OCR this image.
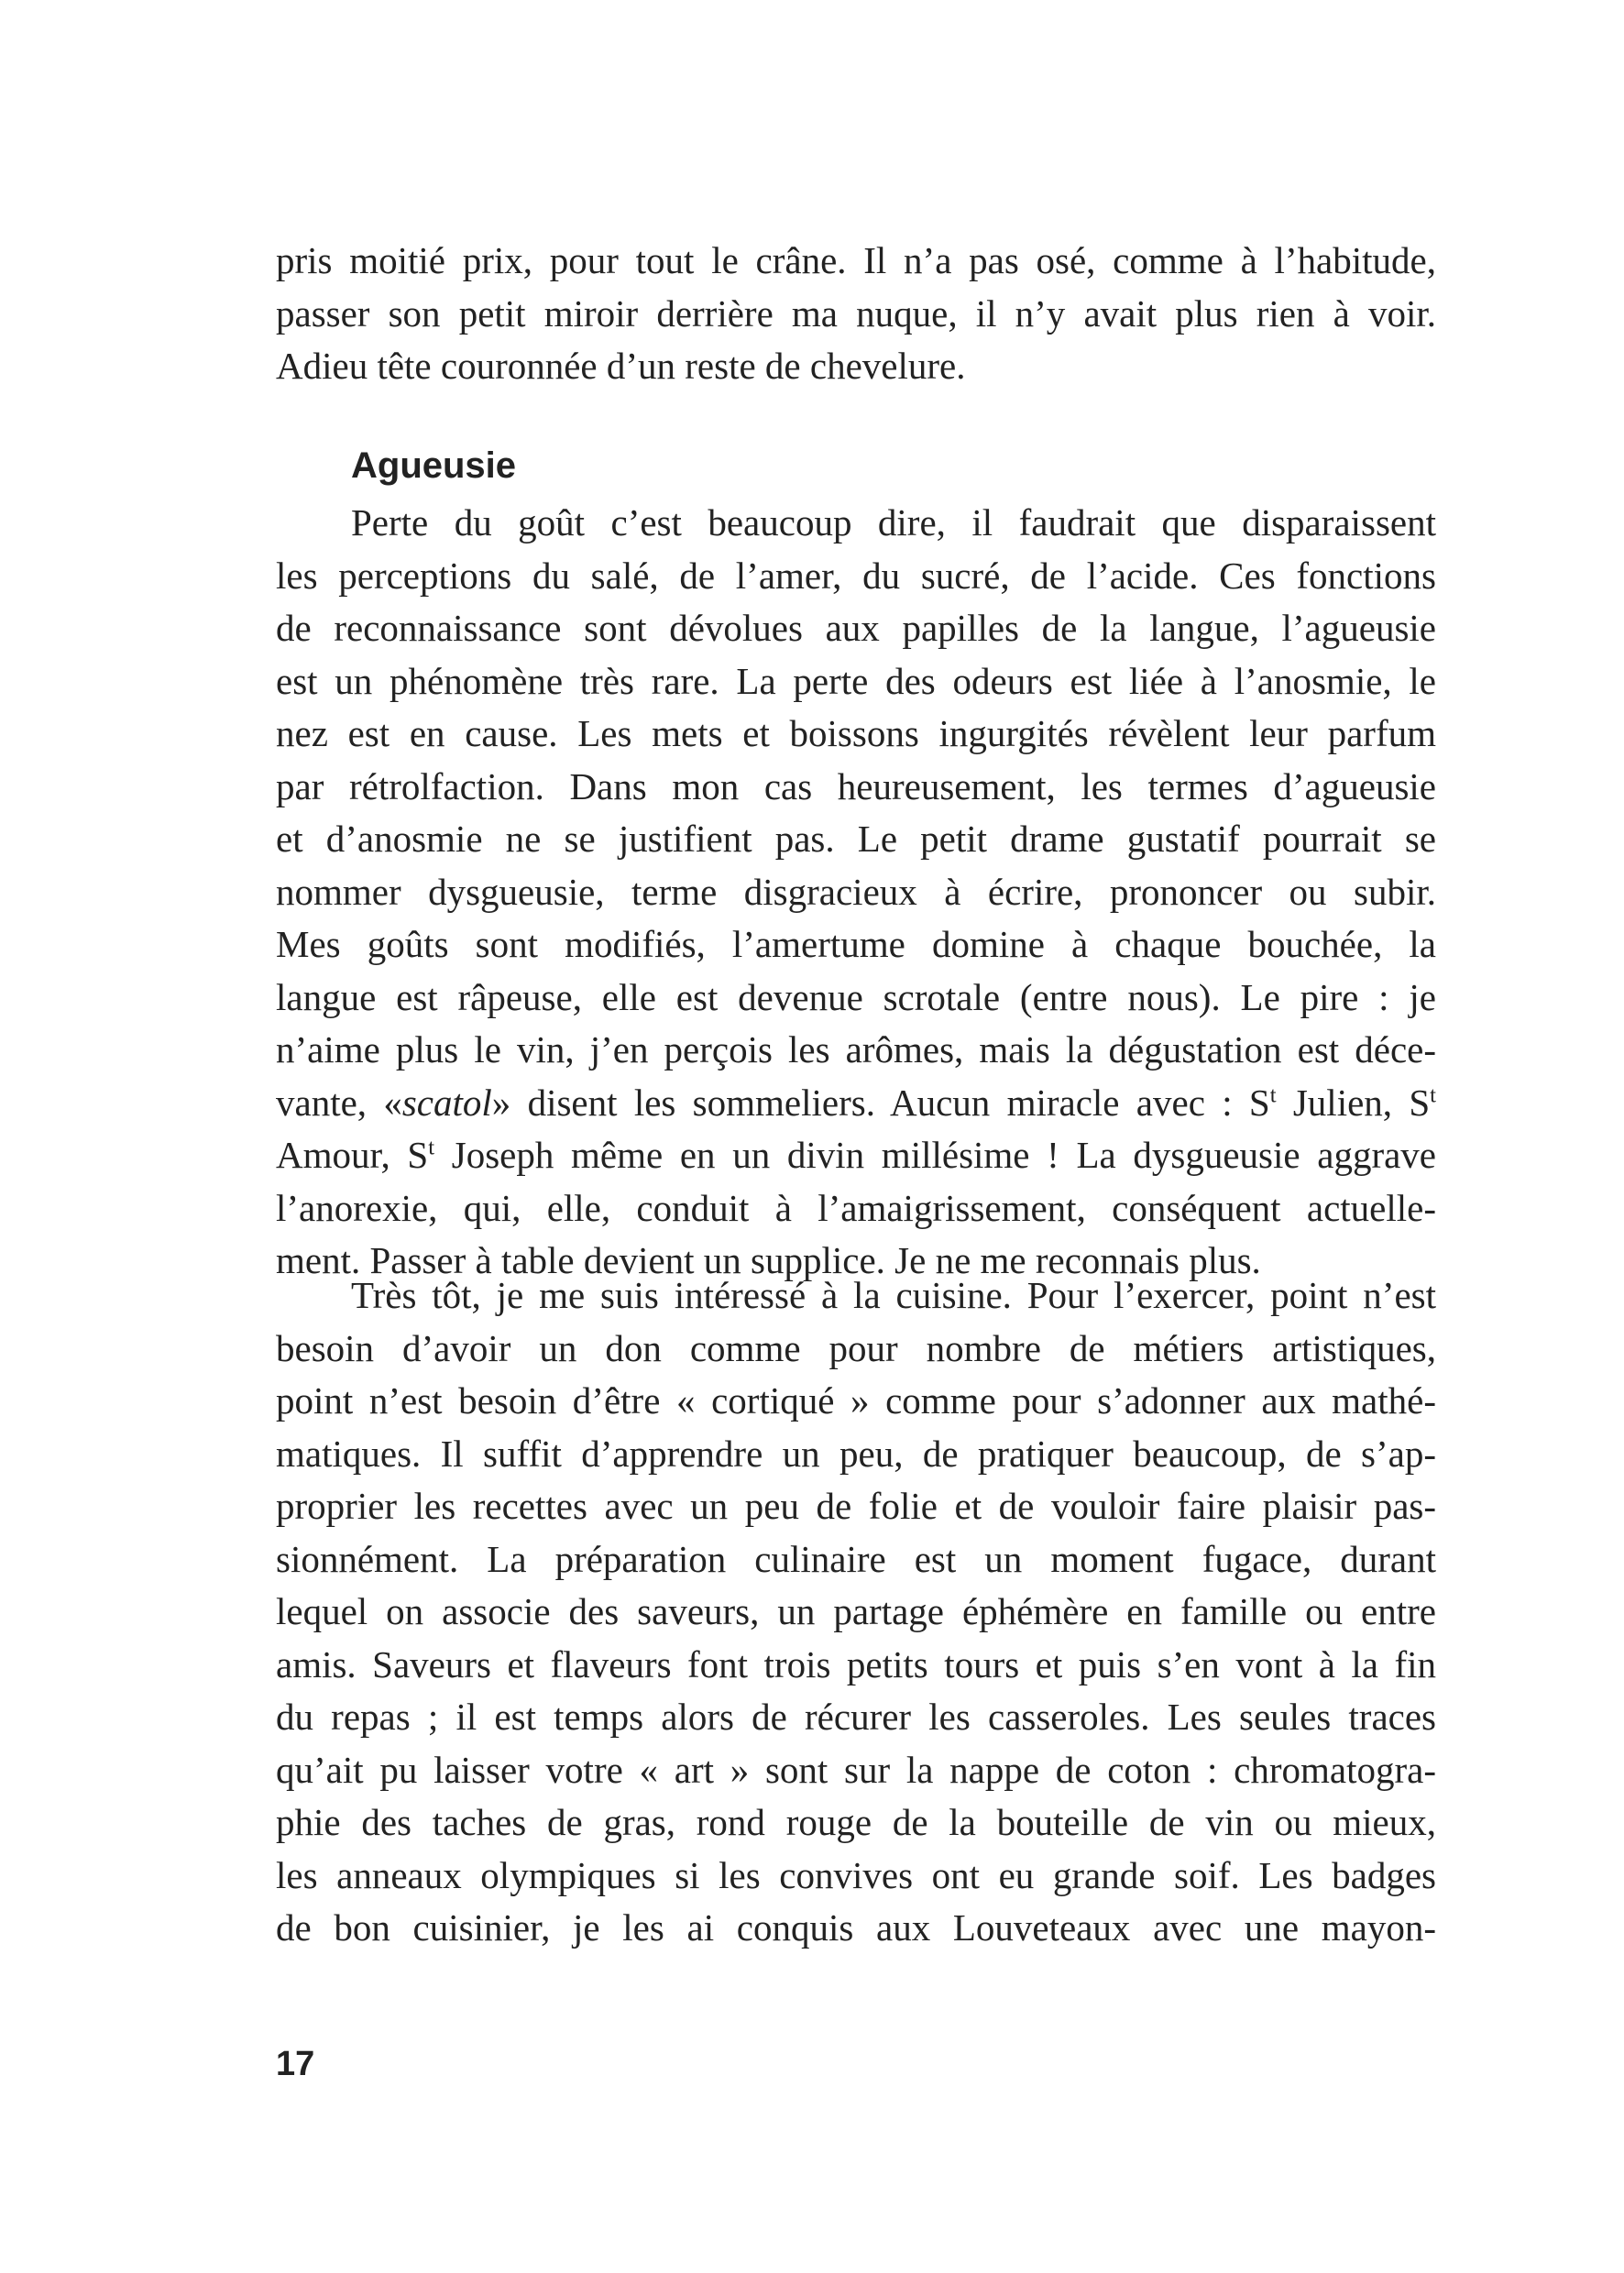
pris moitié prix, pour tout le crâne. Il n’a pas osé, comme à l’habitude,
passer son petit miroir derrière ma nuque, il n’y avait plus rien à voir.
Adieu tête couronnée d’un reste de chevelure.
Agueusie
Perte du goût c’est beaucoup dire, il faudrait que disparaissent
les perceptions du salé, de l’amer, du sucré, de l’acide. Ces fonctions
de reconnaissance sont dévolues aux papilles de la langue, l’agueusie
est un phénomène très rare. La perte des odeurs est liée à l’anosmie, le
nez est en cause. Les mets et boissons ingurgités révèlent leur parfum
par rétrolfaction. Dans mon cas heureusement, les termes d’agueusie
et d’anosmie ne se justifient pas. Le petit drame gustatif pourrait se
nommer dysgueusie, terme disgracieux à écrire, prononcer ou subir.
Mes goûts sont modifiés, l’amertume domine à chaque bouchée, la
langue est râpeuse, elle est devenue scrotale (entre nous). Le pire : je
n’aime plus le vin, j’en perçois les arômes, mais la dégustation est déce-
vante, «scatol» disent les sommeliers. Aucun miracle avec : $S^t$ Julien, $S^t$
Amour, $S^t$ Joseph même en un divin millésime ! La dysgueusie aggrave
l’anorexie, qui, elle, conduit à l’amaigrissement, conséquent actuelle-
ment. Passer à table devient un supplice. Je ne me reconnais plus.
Très tôt, je me suis intéressé à la cuisine. Pour l’exercer, point n’est
besoin d’avoir un don comme pour nombre de métiers artistiques,
point n’est besoin d’être « cortiqué » comme pour s’adonner aux mathé-
matiques. Il suffit d’apprendre un peu, de pratiquer beaucoup, de s’ap-
proprier les recettes avec un peu de folie et de vouloir faire plaisir pas-
sionnément. La préparation culinaire est un moment fugace, durant
lequel on associe des saveurs, un partage éphémère en famille ou entre
amis. Saveurs et flaveurs font trois petits tours et puis s’en vont à la fin
du repas ; il est temps alors de récurer les casseroles. Les seules traces
qu’ait pu laisser votre « art » sont sur la nappe de coton : chromatogra-
phie des taches de gras, rond rouge de la bouteille de vin ou mieux,
les anneaux olympiques si les convives ont eu grande soif. Les badges
de bon cuisinier, je les ai conquis aux Louveteaux avec une mayon-
17
